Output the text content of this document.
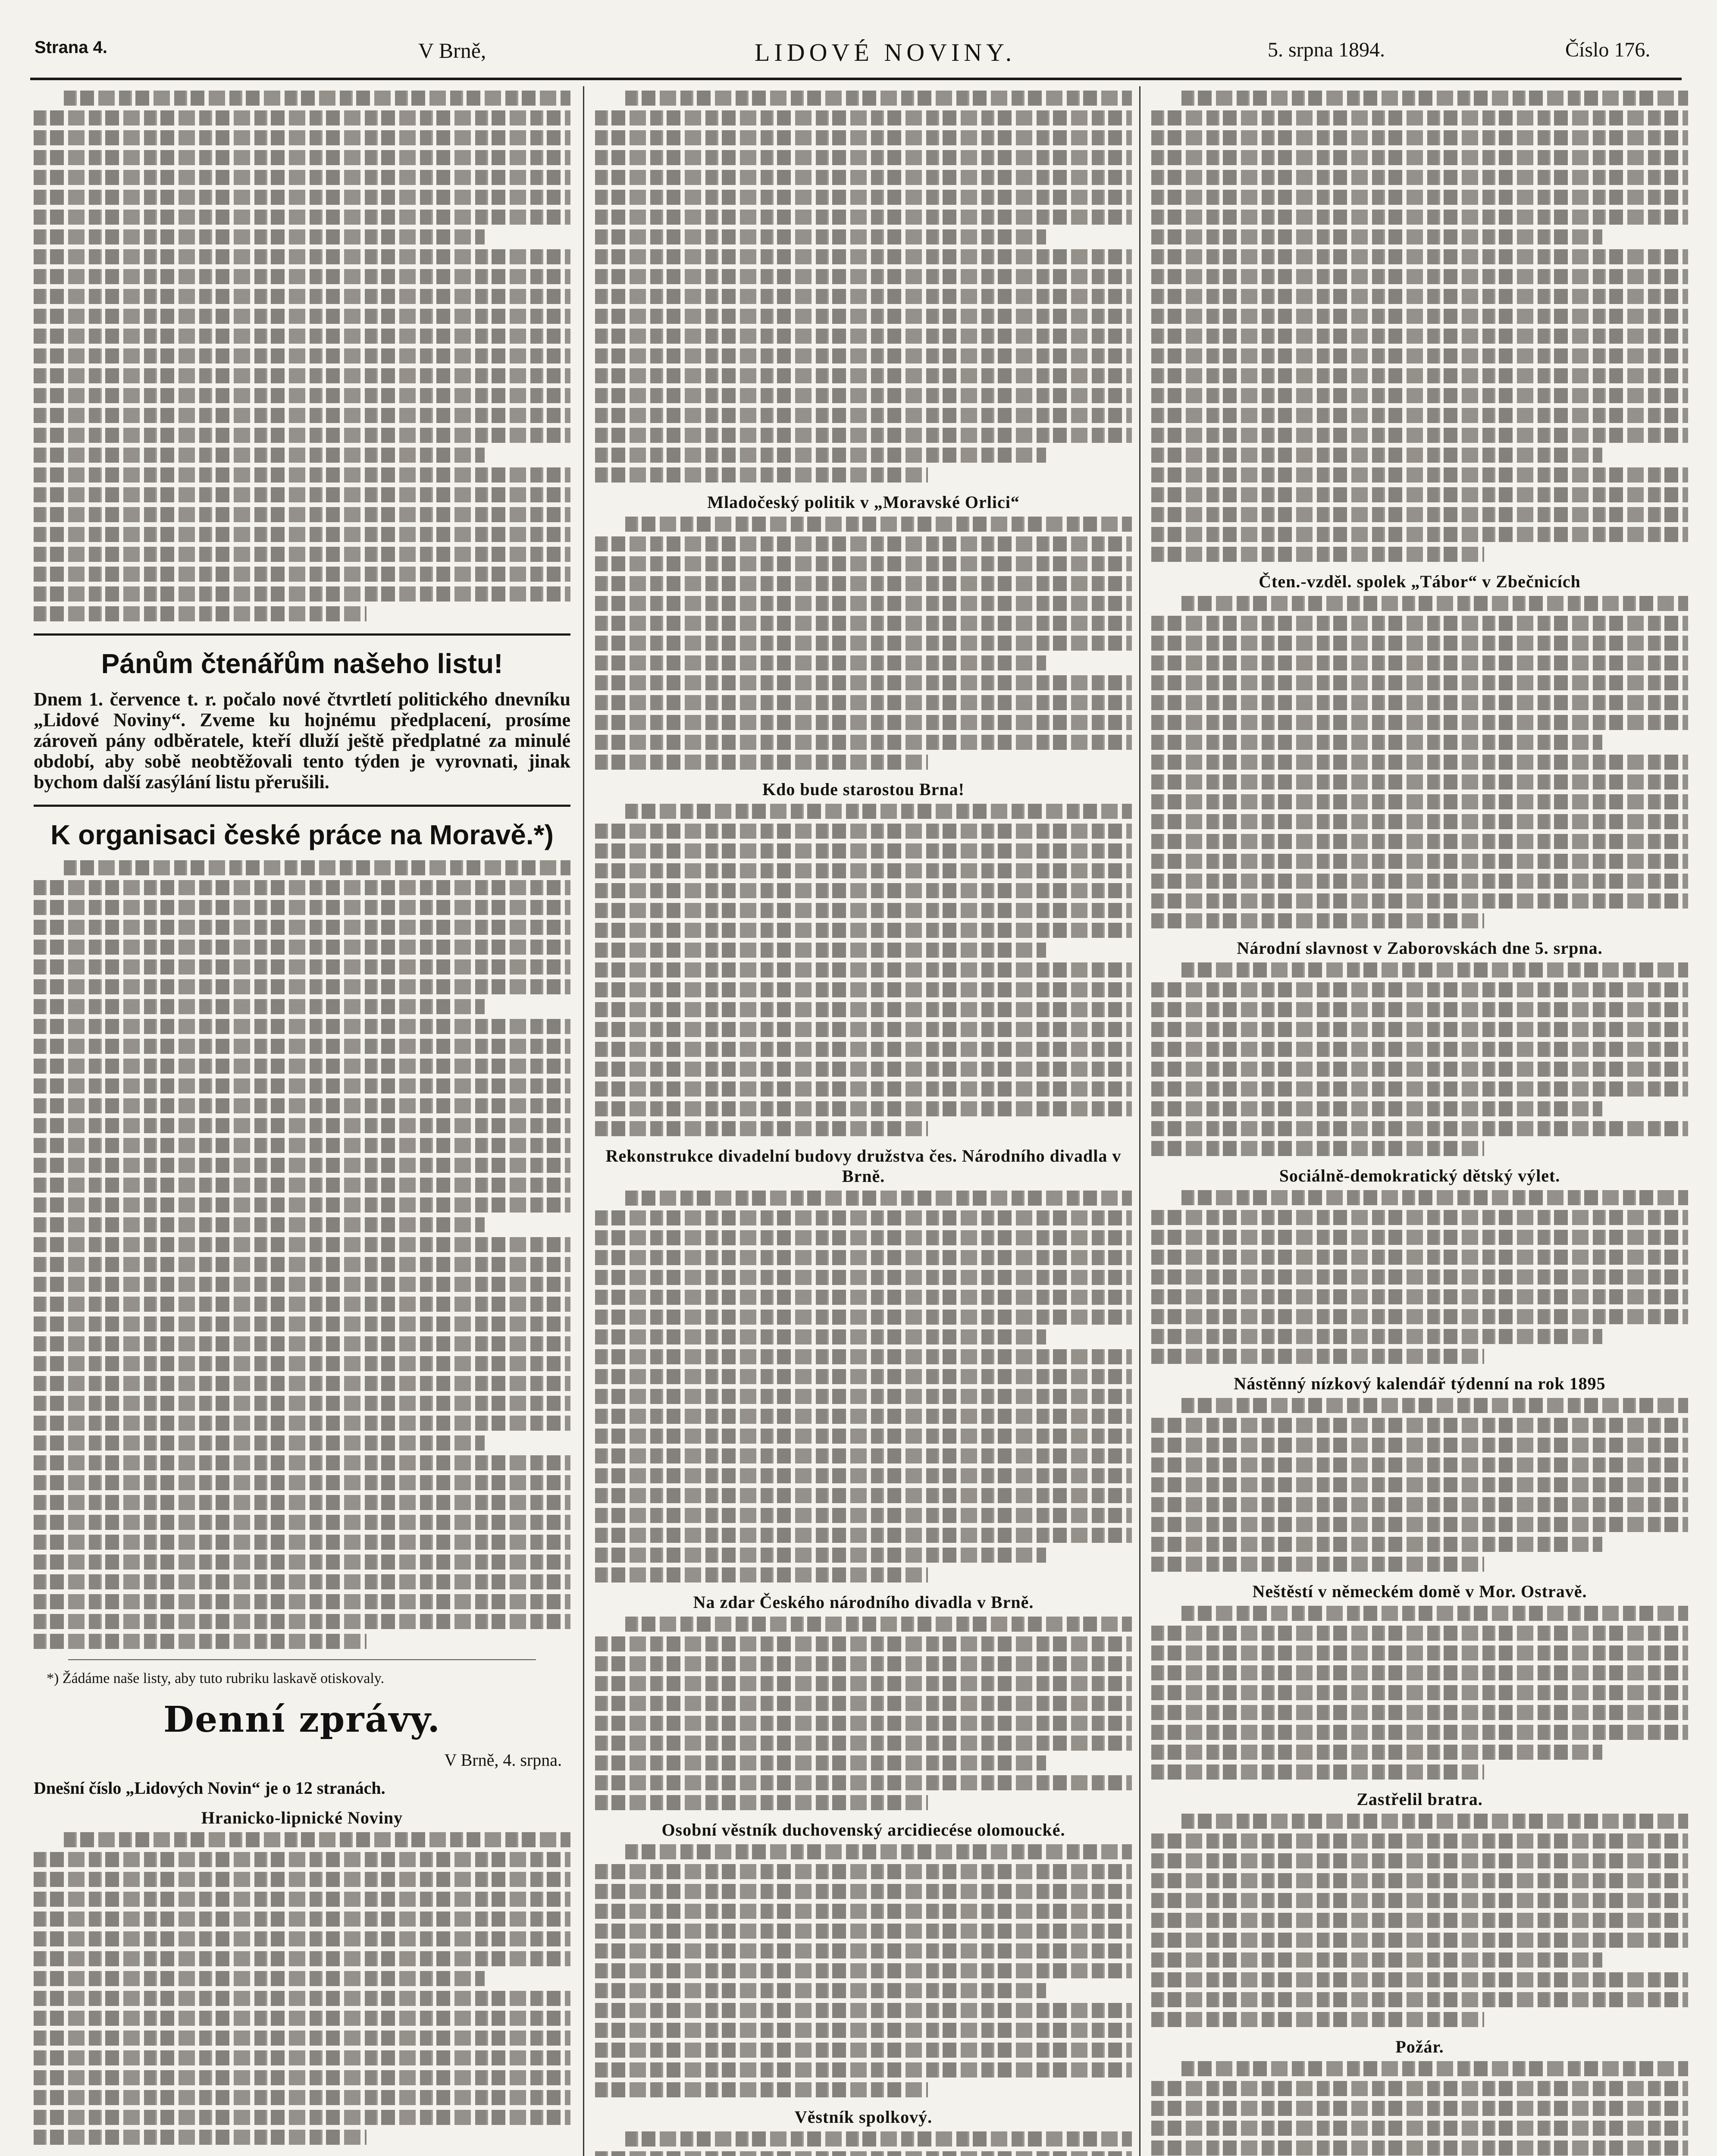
Strana 4.	V Brně,	LIDOVÉ NOVINY.	5. srpna 1894.	Číslo 176.
Pánům čtenářům našeho listu!
Dnem 1. července t. r. počalo nové čtvrtletí politického dnevníku „Lidové Noviny“. Zveme ku hojnému předplacení, prosíme zároveň pány odběratele, kteří dluží ještě předplatné za minulé období, aby sobě neobtěžovali tento týden je vyrovnati, jinak bychom další zasýlání listu přerušili.
K organisaci české práce na Moravě.*)
*) Žádáme naše listy, aby tuto rubriku laskavě otiskovaly.
Denní zprávy.
V Brně, 4. srpna.
Dnešní číslo „Lidových Novin“ je o 12 stranách.
Hranicko-lipnické Noviny
Mladočeský politik v „Moravské Orlici“
Kdo bude starostou Brna!
Rekonstrukce divadelní budovy družstva čes. Národního divadla v Brně.
Na zdar Českého národního divadla v Brně.
Osobní věstník duchovenský arcidiecése olomoucké.
Věstník spolkový.
Čten.-vzděl. spolek „Tábor“ v Zbečnicích
Národní slavnost v Zaborovskách dne 5. srpna.
Sociálně-demokratický dětský výlet.
Nástěnný nízkový kalendář týdenní na rok 1895
Neštěstí v německém domě v Mor. Ostravě.
Zastřelil bratra.
Požár.
